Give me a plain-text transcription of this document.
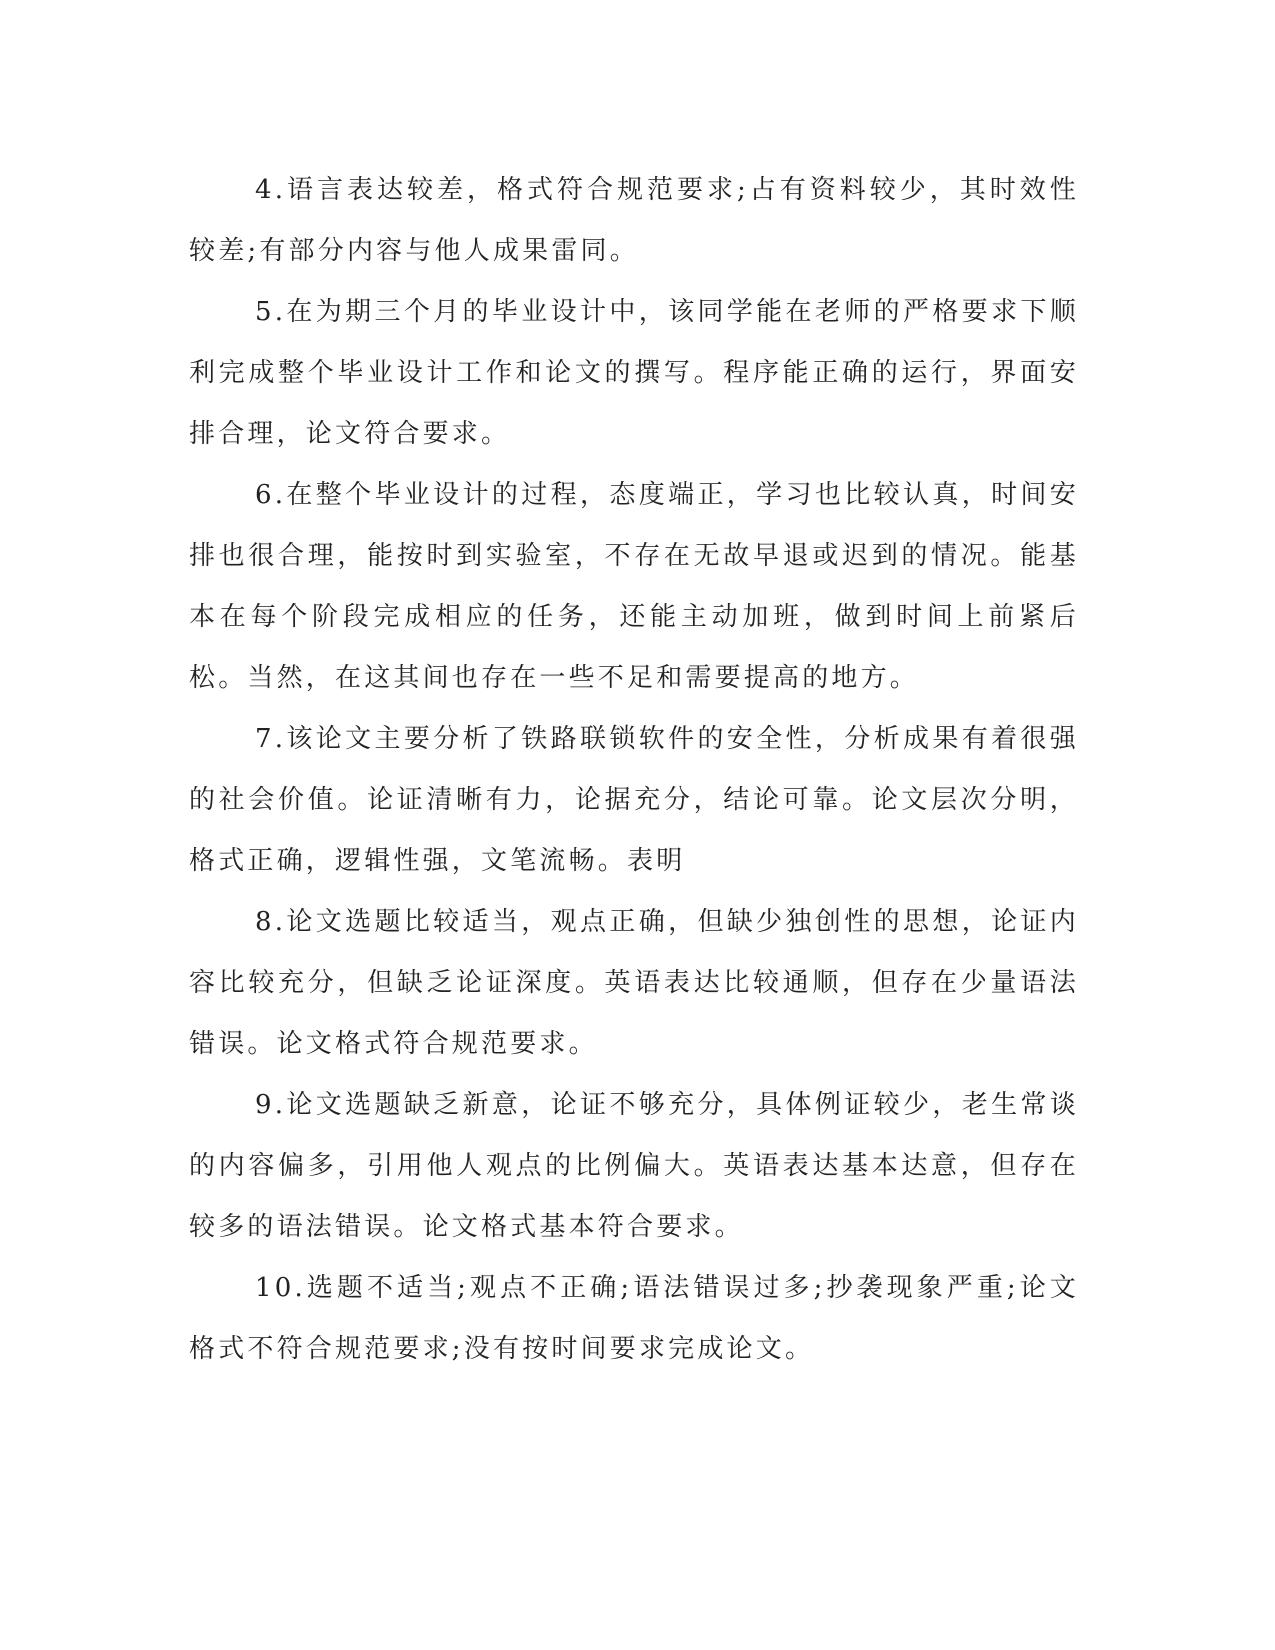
4.语言表达较差，格式符合规范要求;占有资料较少，其时效性较差;有部分内容与他人成果雷同。

5.在为期三个月的毕业设计中，该同学能在老师的严格要求下顺利完成整个毕业设计工作和论文的撰写。程序能正确的运行，界面安排合理，论文符合要求。

6.在整个毕业设计的过程，态度端正，学习也比较认真，时间安排也很合理，能按时到实验室，不存在无故早退或迟到的情况。能基本在每个阶段完成相应的任务，还能主动加班，做到时间上前紧后松。当然，在这其间也存在一些不足和需要提高的地方。

7.该论文主要分析了铁路联锁软件的安全性，分析成果有着很强的社会价值。论证清晰有力，论据充分，结论可靠。论文层次分明，格式正确，逻辑性强，文笔流畅。表明

8.论文选题比较适当，观点正确，但缺少独创性的思想，论证内容比较充分，但缺乏论证深度。英语表达比较通顺，但存在少量语法错误。论文格式符合规范要求。

9.论文选题缺乏新意，论证不够充分，具体例证较少，老生常谈的内容偏多，引用他人观点的比例偏大。英语表达基本达意，但存在较多的语法错误。论文格式基本符合要求。

10.选题不适当;观点不正确;语法错误过多;抄袭现象严重;论文格式不符合规范要求;没有按时间要求完成论文。
